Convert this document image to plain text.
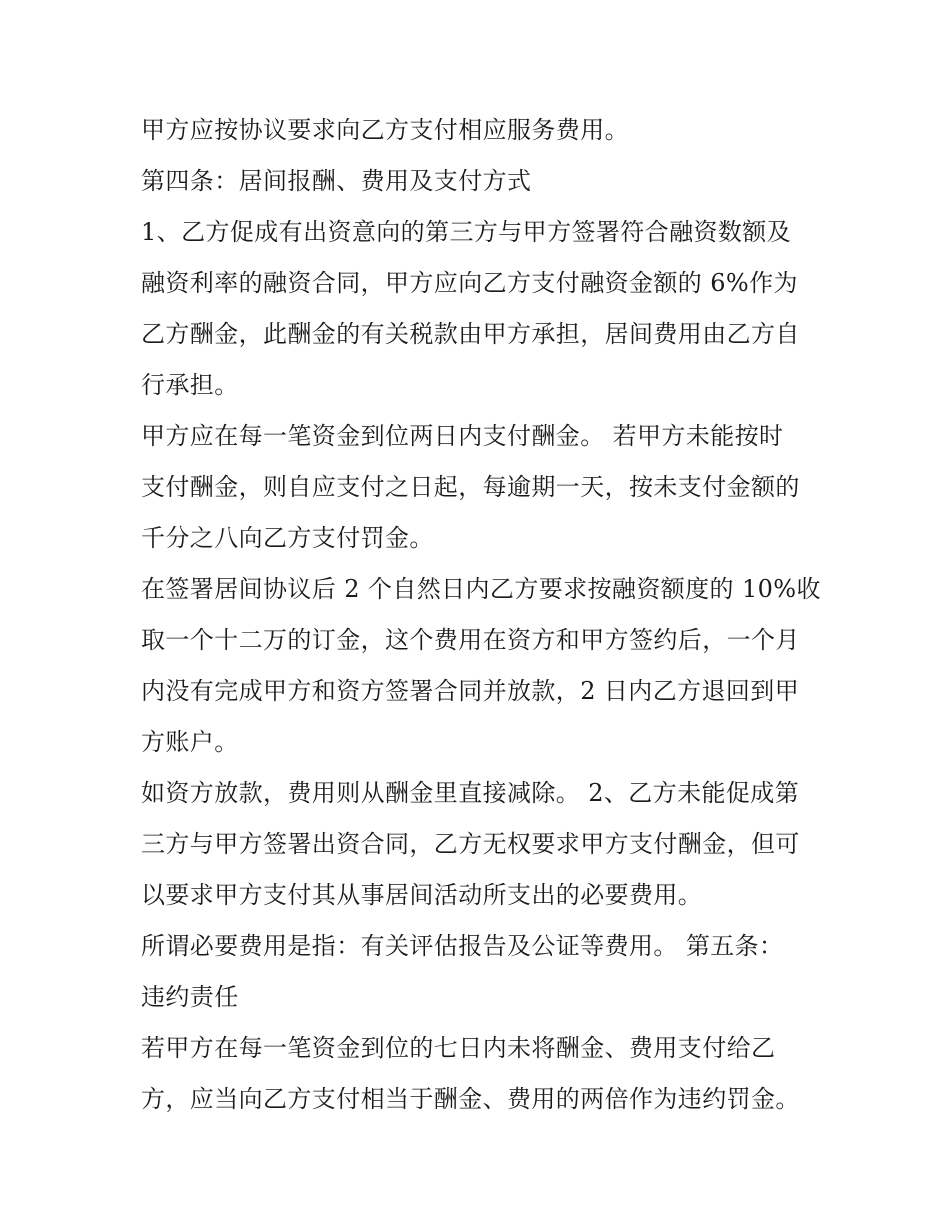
甲方应按协议要求向乙方支付相应服务费用。
第四条：居间报酬、费用及支付方式
1、乙方促成有出资意向的第三方与甲方签署符合融资数额及
融资利率的融资合同，甲方应向乙方支付融资金额的 6%作为
乙方酬金，此酬金的有关税款由甲方承担，居间费用由乙方自
行承担。
甲方应在每一笔资金到位两日内支付酬金。 若甲方未能按时
支付酬金，则自应支付之日起，每逾期一天，按未支付金额的
千分之八向乙方支付罚金。
在签署居间协议后 2 个自然日内乙方要求按融资额度的 10%收
取一个十二万的订金，这个费用在资方和甲方签约后，一个月
内没有完成甲方和资方签署合同并放款，2 日内乙方退回到甲
方账户。
如资方放款，费用则从酬金里直接减除。 2、乙方未能促成第
三方与甲方签署出资合同，乙方无权要求甲方支付酬金，但可
以要求甲方支付其从事居间活动所支出的必要费用。
所谓必要费用是指：有关评估报告及公证等费用。 第五条：
违约责任
若甲方在每一笔资金到位的七日内未将酬金、费用支付给乙
方，应当向乙方支付相当于酬金、费用的两倍作为违约罚金。
